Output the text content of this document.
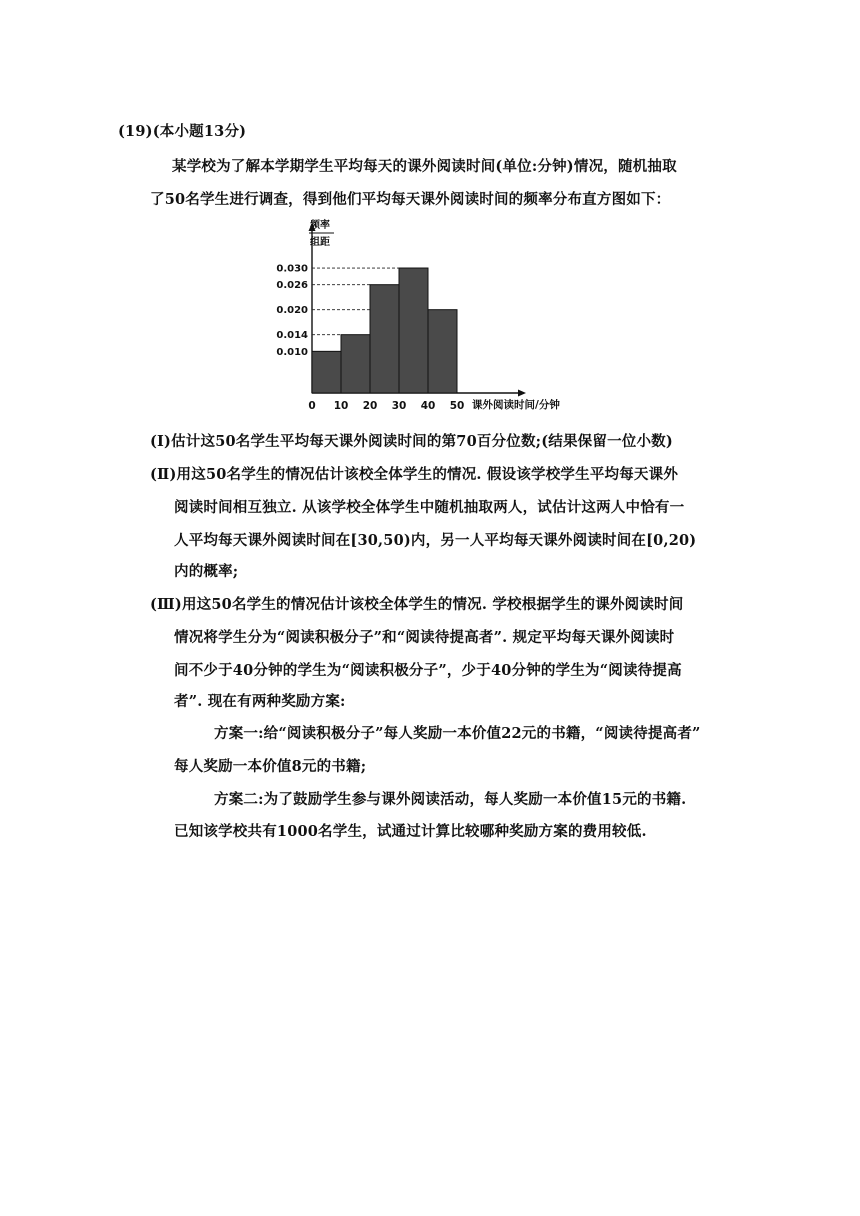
(19)(本小题13分)
某学校为了解本学期学生平均每天的课外阅读时间(单位:分钟)情况，随机抽取
了50名学生进行调查，得到他们平均每天课外阅读时间的频率分布直方图如下：
0.030
0.026
0.020
0.014
0.010
0 10 20 30 40 50
频率
组距
课外阅读时间/分钟
(Ⅰ)估计这50名学生平均每天课外阅读时间的第70百分位数;(结果保留一位小数)
(Ⅱ)用这50名学生的情况估计该校全体学生的情况. 假设该学校学生平均每天课外
阅读时间相互独立. 从该学校全体学生中随机抽取两人，试估计这两人中恰有一
人平均每天课外阅读时间在[30,50)内，另一人平均每天课外阅读时间在[0,20)
内的概率;
(Ⅲ)用这50名学生的情况估计该校全体学生的情况. 学校根据学生的课外阅读时间
情况将学生分为“阅读积极分子”和“阅读待提高者”. 规定平均每天课外阅读时
间不少于40分钟的学生为“阅读积极分子”，少于40分钟的学生为“阅读待提高
者”. 现在有两种奖励方案:
方案一:给“阅读积极分子”每人奖励一本价值22元的书籍，“阅读待提高者”
每人奖励一本价值8元的书籍;
方案二:为了鼓励学生参与课外阅读活动，每人奖励一本价值15元的书籍.
已知该学校共有1000名学生，试通过计算比较哪种奖励方案的费用较低.
